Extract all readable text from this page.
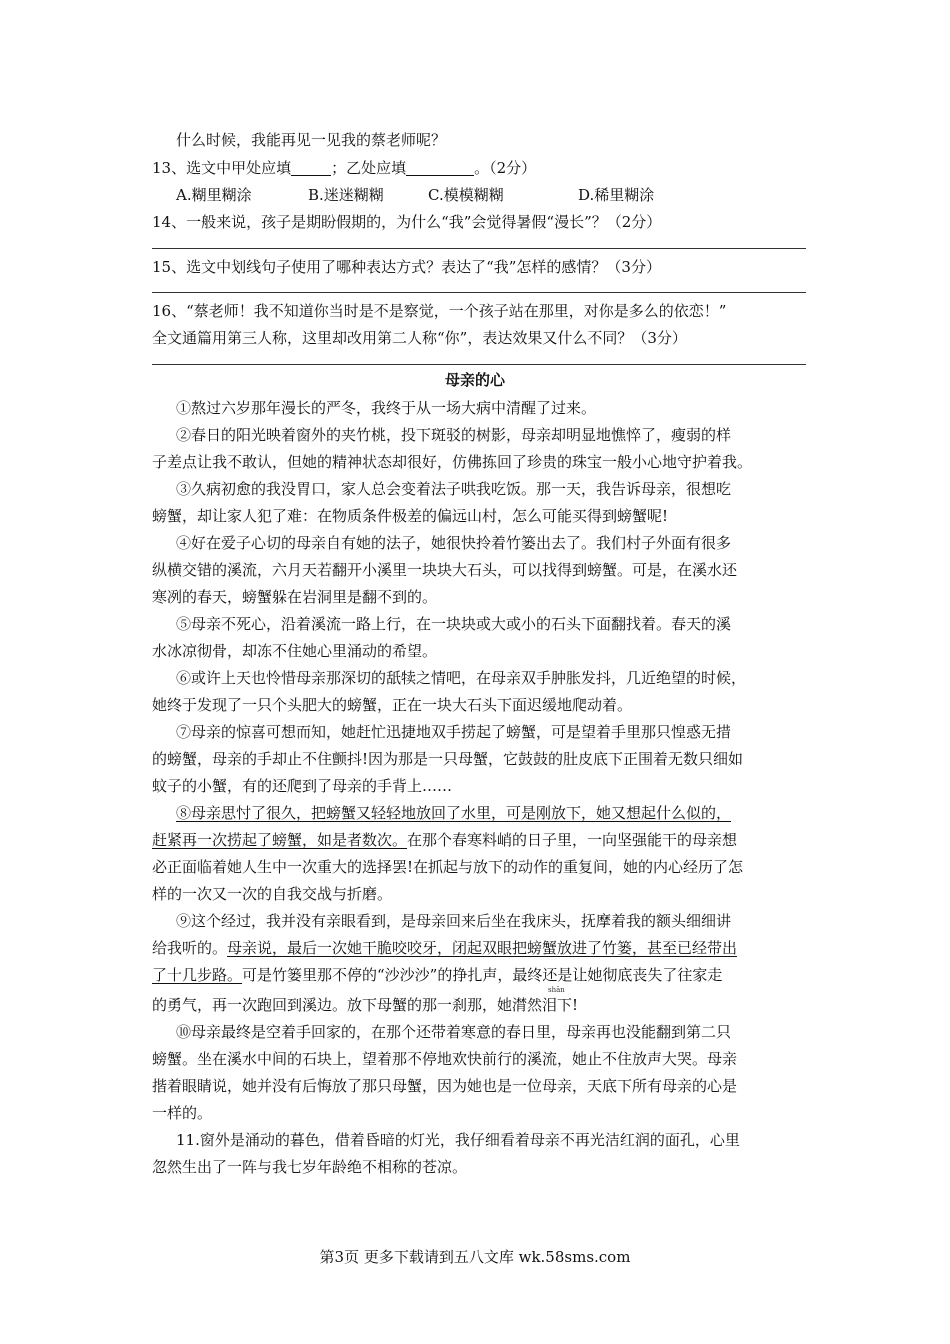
什么时候，我能再见一见我的蔡老师呢？
13、选文中甲处应填	；乙处应填	。（2分）
A.糊里糊涂	B.迷迷糊糊	C.模模糊糊	D.稀里糊涂
14、一般来说，孩子是期盼假期的，为什么“我”会觉得暑假“漫长”？（2分）
15、选文中划线句子使用了哪种表达方式？表达了“我”怎样的感情？（3分）
16、“蔡老师！我不知道你当时是不是察觉，一个孩子站在那里，对你是多么的依恋！”
全文通篇用第三人称，这里却改用第二人称“你”，表达效果又什么不同？（3分）
母亲的心
①熬过六岁那年漫长的严冬，我终于从一场大病中清醒了过来。
②春日的阳光映着窗外的夹竹桃，投下斑驳的树影，母亲却明显地憔悴了，瘦弱的样
子差点让我不敢认，但她的精神状态却很好，仿佛拣回了珍贵的珠宝一般小心地守护着我。
③久病初愈的我没胃口，家人总会变着法子哄我吃饭。那一天，我告诉母亲，很想吃
螃蟹，却让家人犯了难：在物质条件极差的偏远山村，怎么可能买得到螃蟹呢!
④好在爱子心切的母亲自有她的法子，她很快拎着竹篓出去了。我们村子外面有很多
纵横交错的溪流，六月天若翻开小溪里一块块大石头，可以找得到螃蟹。可是，在溪水还
寒冽的春天，螃蟹躲在岩洞里是翻不到的。
⑤母亲不死心，沿着溪流一路上行，在一块块或大或小的石头下面翻找着。春天的溪
水冰凉彻骨，却冻不住她心里涌动的希望。
⑥或许上天也怜惜母亲那深切的舐犊之情吧，在母亲双手肿胀发抖，几近绝望的时候，
她终于发现了一只个头肥大的螃蟹，正在一块大石头下面迟缓地爬动着。
⑦母亲的惊喜可想而知，她赶忙迅捷地双手捞起了螃蟹，可是望着手里那只惶惑无措
的螃蟹，母亲的手却止不住颤抖!因为那是一只母蟹，它鼓鼓的肚皮底下正围着无数只细如
蚊子的小蟹，有的还爬到了母亲的手背上……
⑧母亲思忖了很久，把螃蟹又轻轻地放回了水里，可是刚放下，她又想起什么似的，
赶紧再一次捞起了螃蟹，如是者数次。在那个春寒料峭的日子里，一向坚强能干的母亲想
必正面临着她人生中一次重大的选择罢!在抓起与放下的动作的重复间，她的内心经历了怎
样的一次又一次的自我交战与折磨。
⑨这个经过，我并没有亲眼看到，是母亲回来后坐在我床头，抚摩着我的额头细细讲
给我听的。母亲说，最后一次她干脆咬咬牙，闭起双眼把螃蟹放进了竹篓，甚至已经带出
了十几步路。可是竹篓里那不停的“沙沙沙”的挣扎声，最终还是让她彻底丧失了往家走
shān
的勇气，再一次跑回到溪边。放下母蟹的那一刹那，她潸然泪下!
⑩母亲最终是空着手回家的，在那个还带着寒意的春日里，母亲再也没能翻到第二只
螃蟹。坐在溪水中间的石块上，望着那不停地欢快前行的溪流，她止不住放声大哭。母亲
揩着眼睛说，她并没有后悔放了那只母蟹，因为她也是一位母亲，天底下所有母亲的心是
一样的。
11.窗外是涌动的暮色，借着昏暗的灯光，我仔细看着母亲不再光洁红润的面孔，心里
忽然生出了一阵与我七岁年龄绝不相称的苍凉。
第3页 更多下载请到五八文库 wk.58sms.com
